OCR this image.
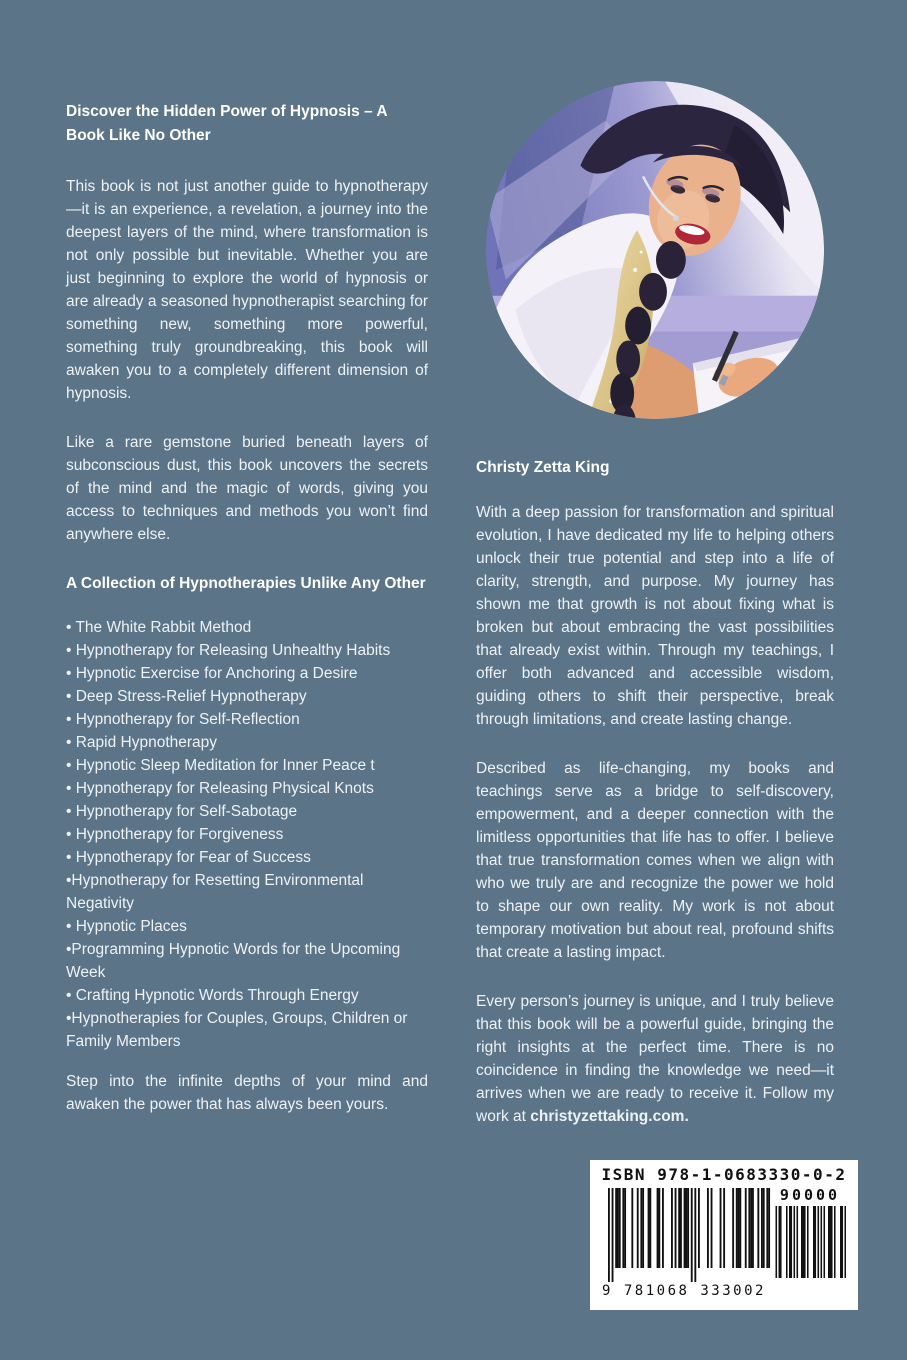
Discover the Hidden Power of Hypnosis – A Book Like No Other

This book is not just another guide to hypnotherapy—it is an experience, a revelation, a journey into the deepest layers of the mind, where transformation is not only possible but inevitable. Whether you are just beginning to explore the world of hypnosis or are already a seasoned hypnotherapist searching for something new, something more powerful, something truly groundbreaking, this book will awaken you to a completely different dimension of hypnosis.

Like a rare gemstone buried beneath layers of subconscious dust, this book uncovers the secrets of the mind and the magic of words, giving you access to techniques and methods you won’t find anywhere else.

A Collection of Hypnotherapies Unlike Any Other
• The White Rabbit Method
• Hypnotherapy for Releasing Unhealthy Habits
• Hypnotic Exercise for Anchoring a Desire
• Deep Stress-Relief Hypnotherapy
• Hypnotherapy for Self-Reflection
• Rapid Hypnotherapy
• Hypnotic Sleep Meditation for Inner Peace t
• Hypnotherapy for Releasing Physical Knots
• Hypnotherapy for Self-Sabotage
• Hypnotherapy for Forgiveness
• Hypnotherapy for Fear of Success
•Hypnotherapy for Resetting Environmental Negativity
• Hypnotic Places
•Programming Hypnotic Words for the Upcoming Week
• Crafting Hypnotic Words Through Energy
•Hypnotherapies for Couples, Groups, Children or Family Members

Step into the infinite depths of your mind and awaken the power that has always been yours.

Christy Zetta King

With a deep passion for transformation and spiritual evolution, I have dedicated my life to helping others unlock their true potential and step into a life of clarity, strength, and purpose. My journey has shown me that growth is not about fixing what is broken but about embracing the vast possibilities that already exist within. Through my teachings, I offer both advanced and accessible wisdom, guiding others to shift their perspective, break through limitations, and create lasting change.

Described as life-changing, my books and teachings serve as a bridge to self-discovery, empowerment, and a deeper connection with the limitless opportunities that life has to offer. I believe that true transformation comes when we align with who we truly are and recognize the power we hold to shape our own reality. My work is not about temporary motivation but about real, profound shifts that create a lasting impact.

Every person’s journey is unique, and I truly believe that this book will be a powerful guide, bringing the right insights at the perfect time. There is no coincidence in finding the knowledge we need—it arrives when we are ready to receive it. Follow my work at christyzettaking.com.

ISBN 978-1-0683330-0-2
90000
9 781068 333002
